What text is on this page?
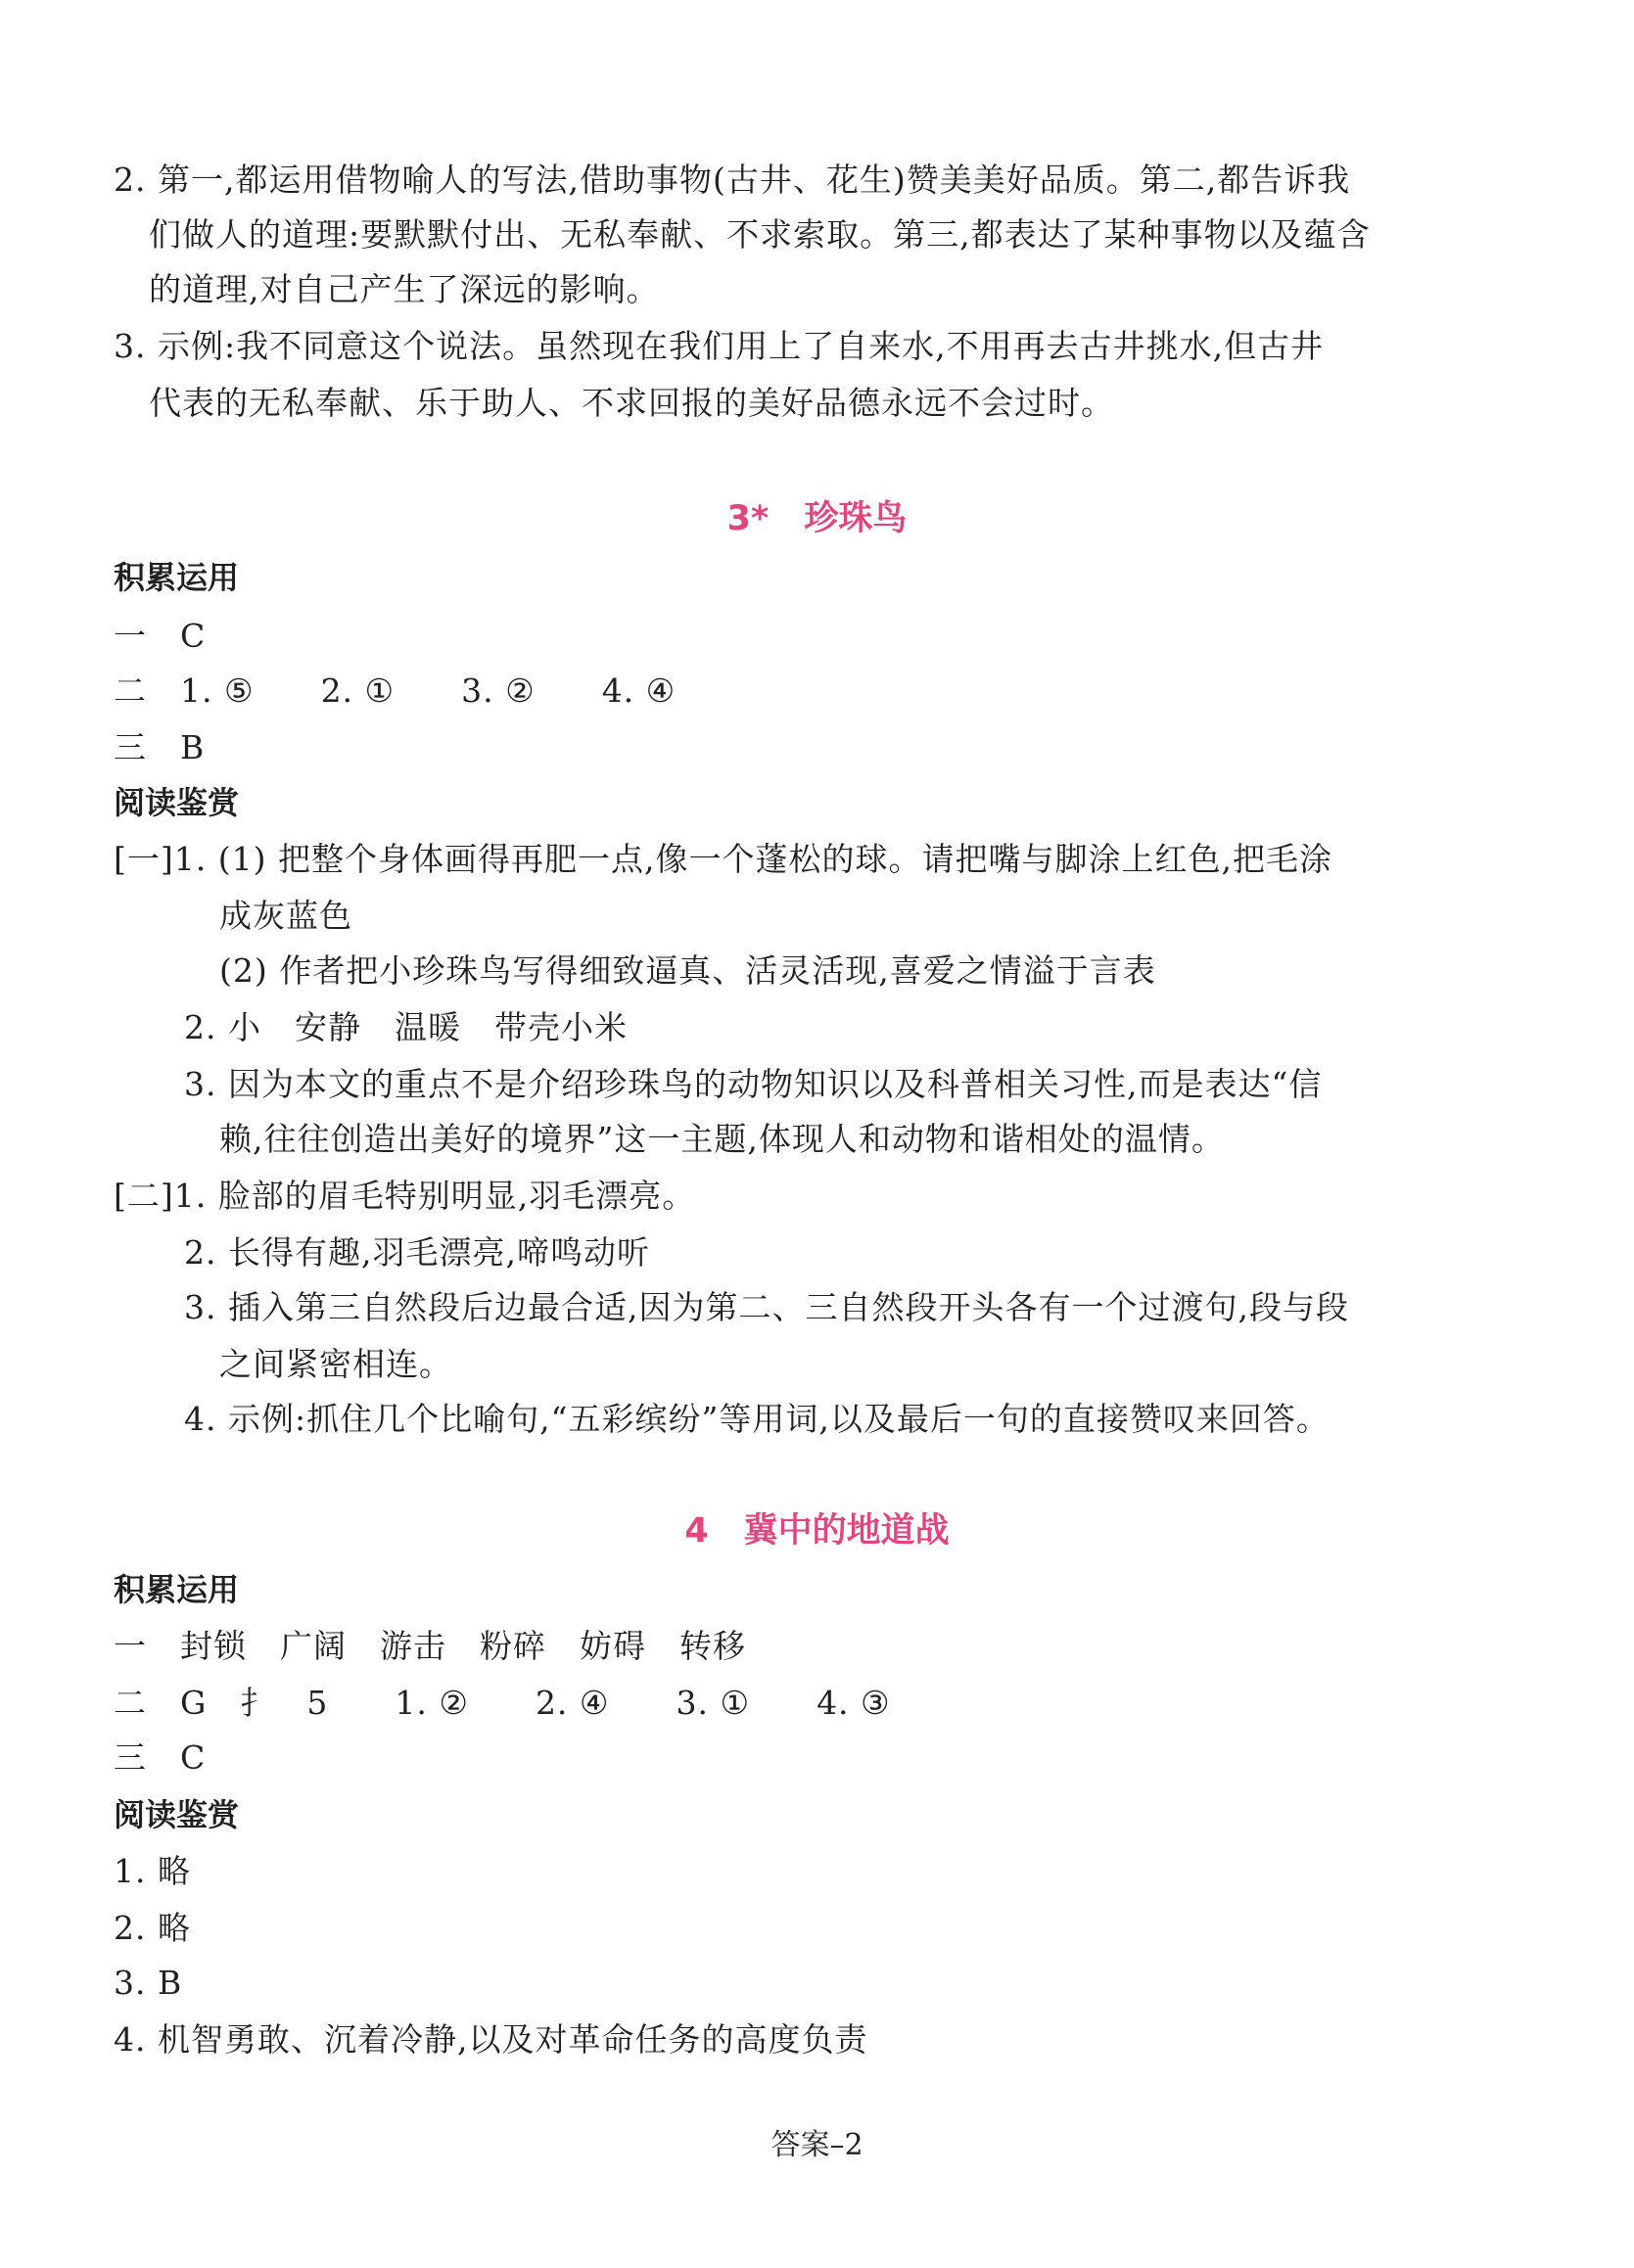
2. 第一,都运用借物喻人的写法,借助事物(古井、花生)赞美美好品质。第二,都告诉我
们做人的道理:要默默付出、无私奉献、不求索取。第三,都表达了某种事物以及蕴含
的道理,对自己产生了深远的影响。
3. 示例:我不同意这个说法。虽然现在我们用上了自来水,不用再去古井挑水,但古井
代表的无私奉献、乐于助人、不求回报的美好品德永远不会过时。
3* 珍珠鸟
积累运用
一 C
二 1. ⑤ 2. ① 3. ② 4. ④
三 B
阅读鉴赏
[一]1. (1) 把整个身体画得再肥一点,像一个蓬松的球。请把嘴与脚涂上红色,把毛涂
成灰蓝色
(2) 作者把小珍珠鸟写得细致逼真、活灵活现,喜爱之情溢于言表
2. 小 安静 温暖 带壳小米
3. 因为本文的重点不是介绍珍珠鸟的动物知识以及科普相关习性,而是表达“信
赖,往往创造出美好的境界”这一主题,体现人和动物和谐相处的温情。
[二]1. 脸部的眉毛特别明显,羽毛漂亮。
2. 长得有趣,羽毛漂亮,啼鸣动听
3. 插入第三自然段后边最合适,因为第二、三自然段开头各有一个过渡句,段与段
之间紧密相连。
4. 示例:抓住几个比喻句,“五彩缤纷”等用词,以及最后一句的直接赞叹来回答。
4 冀中的地道战
积累运用
一 封锁 广阔 游击 粉碎 妨碍 转移
二 G 扌 5 1. ② 2. ④ 3. ① 4. ③
三 C
阅读鉴赏
1. 略
2. 略
3. B
4. 机智勇敢、沉着冷静,以及对革命任务的高度负责
答案–2
